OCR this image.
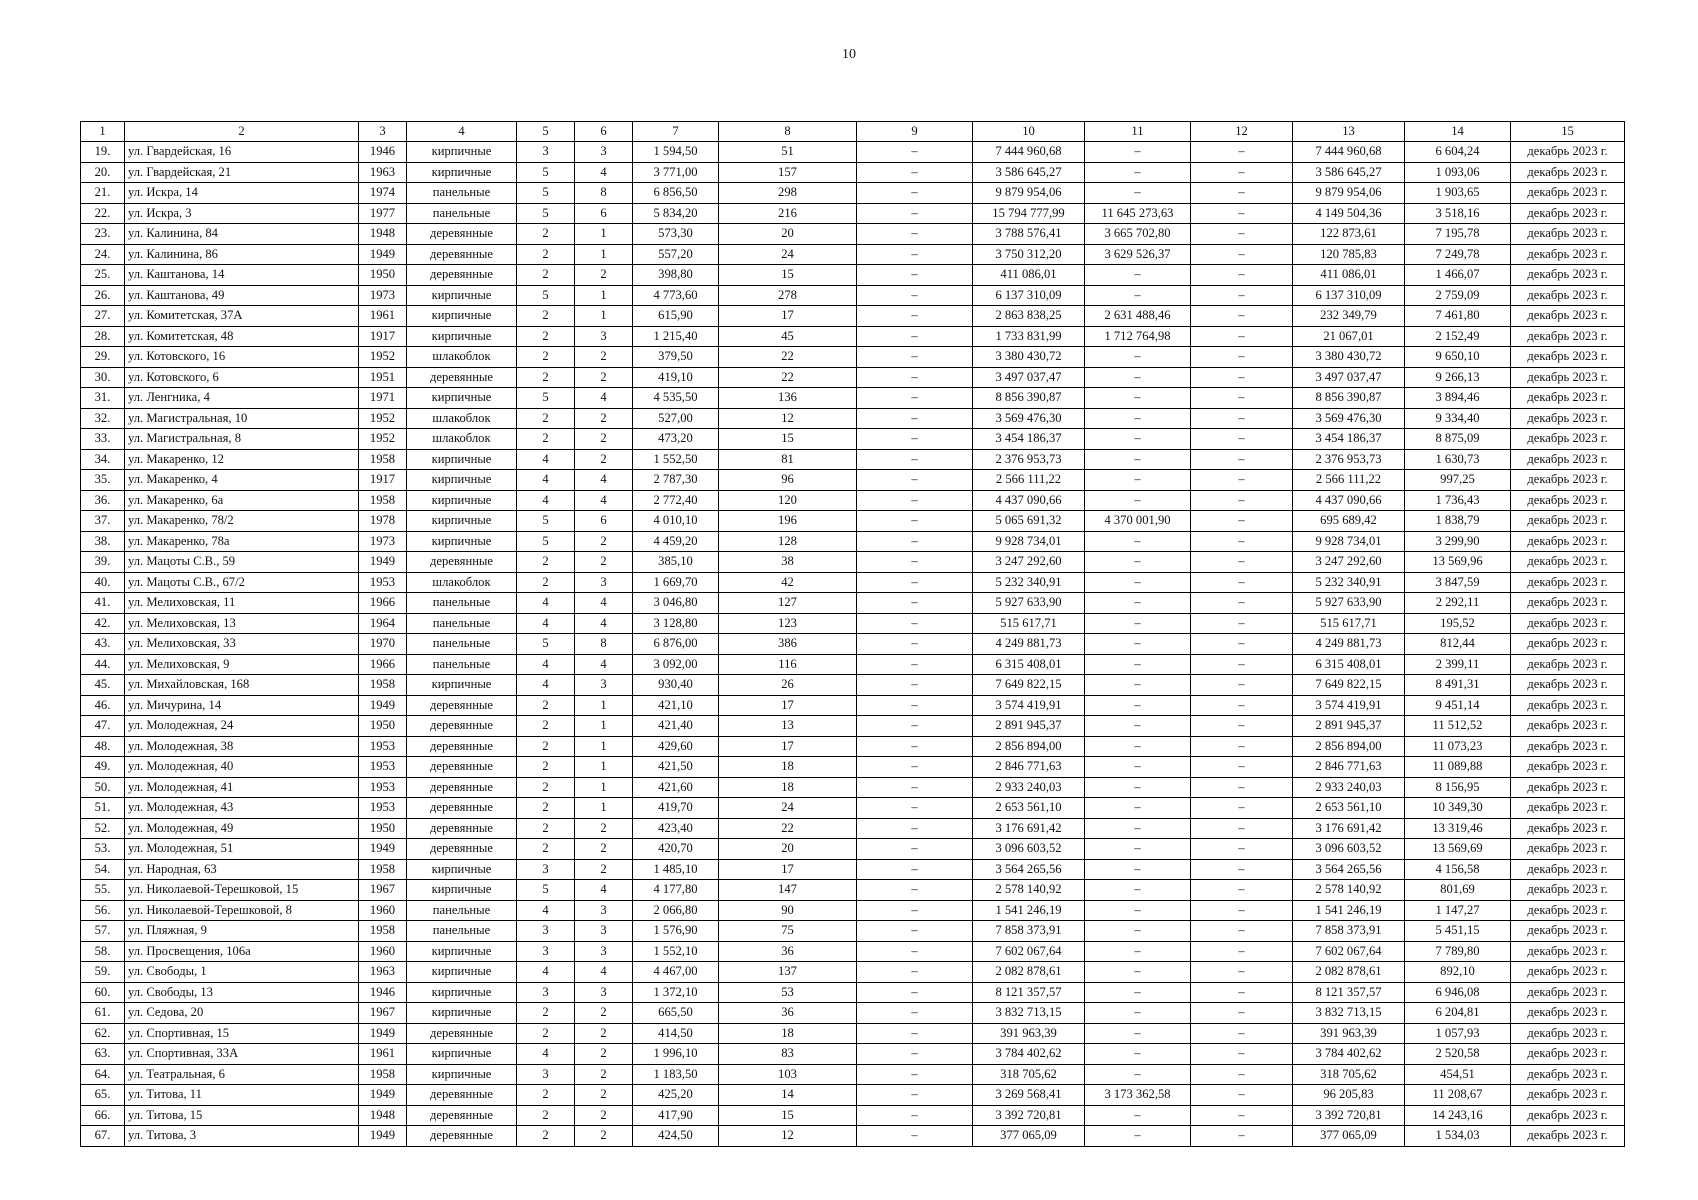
10
1	2	3	4	5	6	7	8	9	10	11	12	13	14	15
19.	ул. Гвардейская, 16	1946	кирпичные	3	3	1 594,50	51	–	7 444 960,68	–	–	7 444 960,68	6 604,24	декабрь 2023 г.
20.	ул. Гвардейская, 21	1963	кирпичные	5	4	3 771,00	157	–	3 586 645,27	–	–	3 586 645,27	1 093,06	декабрь 2023 г.
21.	ул. Искра, 14	1974	панельные	5	8	6 856,50	298	–	9 879 954,06	–	–	9 879 954,06	1 903,65	декабрь 2023 г.
22.	ул. Искра, 3	1977	панельные	5	6	5 834,20	216	–	15 794 777,99	11 645 273,63	–	4 149 504,36	3 518,16	декабрь 2023 г.
23.	ул. Калинина, 84	1948	деревянные	2	1	573,30	20	–	3 788 576,41	3 665 702,80	–	122 873,61	7 195,78	декабрь 2023 г.
24.	ул. Калинина, 86	1949	деревянные	2	1	557,20	24	–	3 750 312,20	3 629 526,37	–	120 785,83	7 249,78	декабрь 2023 г.
25.	ул. Каштанова, 14	1950	деревянные	2	2	398,80	15	–	411 086,01	–	–	411 086,01	1 466,07	декабрь 2023 г.
26.	ул. Каштанова, 49	1973	кирпичные	5	1	4 773,60	278	–	6 137 310,09	–	–	6 137 310,09	2 759,09	декабрь 2023 г.
27.	ул. Комитетская, 37А	1961	кирпичные	2	1	615,90	17	–	2 863 838,25	2 631 488,46	–	232 349,79	7 461,80	декабрь 2023 г.
28.	ул. Комитетская, 48	1917	кирпичные	2	3	1 215,40	45	–	1 733 831,99	1 712 764,98	–	21 067,01	2 152,49	декабрь 2023 г.
29.	ул. Котовского, 16	1952	шлакоблок	2	2	379,50	22	–	3 380 430,72	–	–	3 380 430,72	9 650,10	декабрь 2023 г.
30.	ул. Котовского, 6	1951	деревянные	2	2	419,10	22	–	3 497 037,47	–	–	3 497 037,47	9 266,13	декабрь 2023 г.
31.	ул. Ленгника, 4	1971	кирпичные	5	4	4 535,50	136	–	8 856 390,87	–	–	8 856 390,87	3 894,46	декабрь 2023 г.
32.	ул. Магистральная, 10	1952	шлакоблок	2	2	527,00	12	–	3 569 476,30	–	–	3 569 476,30	9 334,40	декабрь 2023 г.
33.	ул. Магистральная, 8	1952	шлакоблок	2	2	473,20	15	–	3 454 186,37	–	–	3 454 186,37	8 875,09	декабрь 2023 г.
34.	ул. Макаренко, 12	1958	кирпичные	4	2	1 552,50	81	–	2 376 953,73	–	–	2 376 953,73	1 630,73	декабрь 2023 г.
35.	ул. Макаренко, 4	1917	кирпичные	4	4	2 787,30	96	–	2 566 111,22	–	–	2 566 111,22	997,25	декабрь 2023 г.
36.	ул. Макаренко, 6а	1958	кирпичные	4	4	2 772,40	120	–	4 437 090,66	–	–	4 437 090,66	1 736,43	декабрь 2023 г.
37.	ул. Макаренко, 78/2	1978	кирпичные	5	6	4 010,10	196	–	5 065 691,32	4 370 001,90	–	695 689,42	1 838,79	декабрь 2023 г.
38.	ул. Макаренко, 78а	1973	кирпичные	5	2	4 459,20	128	–	9 928 734,01	–	–	9 928 734,01	3 299,90	декабрь 2023 г.
39.	ул. Мацоты С.В., 59	1949	деревянные	2	2	385,10	38	–	3 247 292,60	–	–	3 247 292,60	13 569,96	декабрь 2023 г.
40.	ул. Мацоты С.В., 67/2	1953	шлакоблок	2	3	1 669,70	42	–	5 232 340,91	–	–	5 232 340,91	3 847,59	декабрь 2023 г.
41.	ул. Мелиховская, 11	1966	панельные	4	4	3 046,80	127	–	5 927 633,90	–	–	5 927 633,90	2 292,11	декабрь 2023 г.
42.	ул. Мелиховская, 13	1964	панельные	4	4	3 128,80	123	–	515 617,71	–	–	515 617,71	195,52	декабрь 2023 г.
43.	ул. Мелиховская, 33	1970	панельные	5	8	6 876,00	386	–	4 249 881,73	–	–	4 249 881,73	812,44	декабрь 2023 г.
44.	ул. Мелиховская, 9	1966	панельные	4	4	3 092,00	116	–	6 315 408,01	–	–	6 315 408,01	2 399,11	декабрь 2023 г.
45.	ул. Михайловская, 168	1958	кирпичные	4	3	930,40	26	–	7 649 822,15	–	–	7 649 822,15	8 491,31	декабрь 2023 г.
46.	ул. Мичурина, 14	1949	деревянные	2	1	421,10	17	–	3 574 419,91	–	–	3 574 419,91	9 451,14	декабрь 2023 г.
47.	ул. Молодежная, 24	1950	деревянные	2	1	421,40	13	–	2 891 945,37	–	–	2 891 945,37	11 512,52	декабрь 2023 г.
48.	ул. Молодежная, 38	1953	деревянные	2	1	429,60	17	–	2 856 894,00	–	–	2 856 894,00	11 073,23	декабрь 2023 г.
49.	ул. Молодежная, 40	1953	деревянные	2	1	421,50	18	–	2 846 771,63	–	–	2 846 771,63	11 089,88	декабрь 2023 г.
50.	ул. Молодежная, 41	1953	деревянные	2	1	421,60	18	–	2 933 240,03	–	–	2 933 240,03	8 156,95	декабрь 2023 г.
51.	ул. Молодежная, 43	1953	деревянные	2	1	419,70	24	–	2 653 561,10	–	–	2 653 561,10	10 349,30	декабрь 2023 г.
52.	ул. Молодежная, 49	1950	деревянные	2	2	423,40	22	–	3 176 691,42	–	–	3 176 691,42	13 319,46	декабрь 2023 г.
53.	ул. Молодежная, 51	1949	деревянные	2	2	420,70	20	–	3 096 603,52	–	–	3 096 603,52	13 569,69	декабрь 2023 г.
54.	ул. Народная, 63	1958	кирпичные	3	2	1 485,10	17	–	3 564 265,56	–	–	3 564 265,56	4 156,58	декабрь 2023 г.
55.	ул. Николаевой-Терешковой, 15	1967	кирпичные	5	4	4 177,80	147	–	2 578 140,92	–	–	2 578 140,92	801,69	декабрь 2023 г.
56.	ул. Николаевой-Терешковой, 8	1960	панельные	4	3	2 066,80	90	–	1 541 246,19	–	–	1 541 246,19	1 147,27	декабрь 2023 г.
57.	ул. Пляжная, 9	1958	панельные	3	3	1 576,90	75	–	7 858 373,91	–	–	7 858 373,91	5 451,15	декабрь 2023 г.
58.	ул. Просвещения, 106а	1960	кирпичные	3	3	1 552,10	36	–	7 602 067,64	–	–	7 602 067,64	7 789,80	декабрь 2023 г.
59.	ул. Свободы, 1	1963	кирпичные	4	4	4 467,00	137	–	2 082 878,61	–	–	2 082 878,61	892,10	декабрь 2023 г.
60.	ул. Свободы, 13	1946	кирпичные	3	3	1 372,10	53	–	8 121 357,57	–	–	8 121 357,57	6 946,08	декабрь 2023 г.
61.	ул. Седова, 20	1967	кирпичные	2	2	665,50	36	–	3 832 713,15	–	–	3 832 713,15	6 204,81	декабрь 2023 г.
62.	ул. Спортивная, 15	1949	деревянные	2	2	414,50	18	–	391 963,39	–	–	391 963,39	1 057,93	декабрь 2023 г.
63.	ул. Спортивная, 33А	1961	кирпичные	4	2	1 996,10	83	–	3 784 402,62	–	–	3 784 402,62	2 520,58	декабрь 2023 г.
64.	ул. Театральная, 6	1958	кирпичные	3	2	1 183,50	103	–	318 705,62	–	–	318 705,62	454,51	декабрь 2023 г.
65.	ул. Титова, 11	1949	деревянные	2	2	425,20	14	–	3 269 568,41	3 173 362,58	–	96 205,83	11 208,67	декабрь 2023 г.
66.	ул. Титова, 15	1948	деревянные	2	2	417,90	15	–	3 392 720,81	–	–	3 392 720,81	14 243,16	декабрь 2023 г.
67.	ул. Титова, 3	1949	деревянные	2	2	424,50	12	–	377 065,09	–	–	377 065,09	1 534,03	декабрь 2023 г.
